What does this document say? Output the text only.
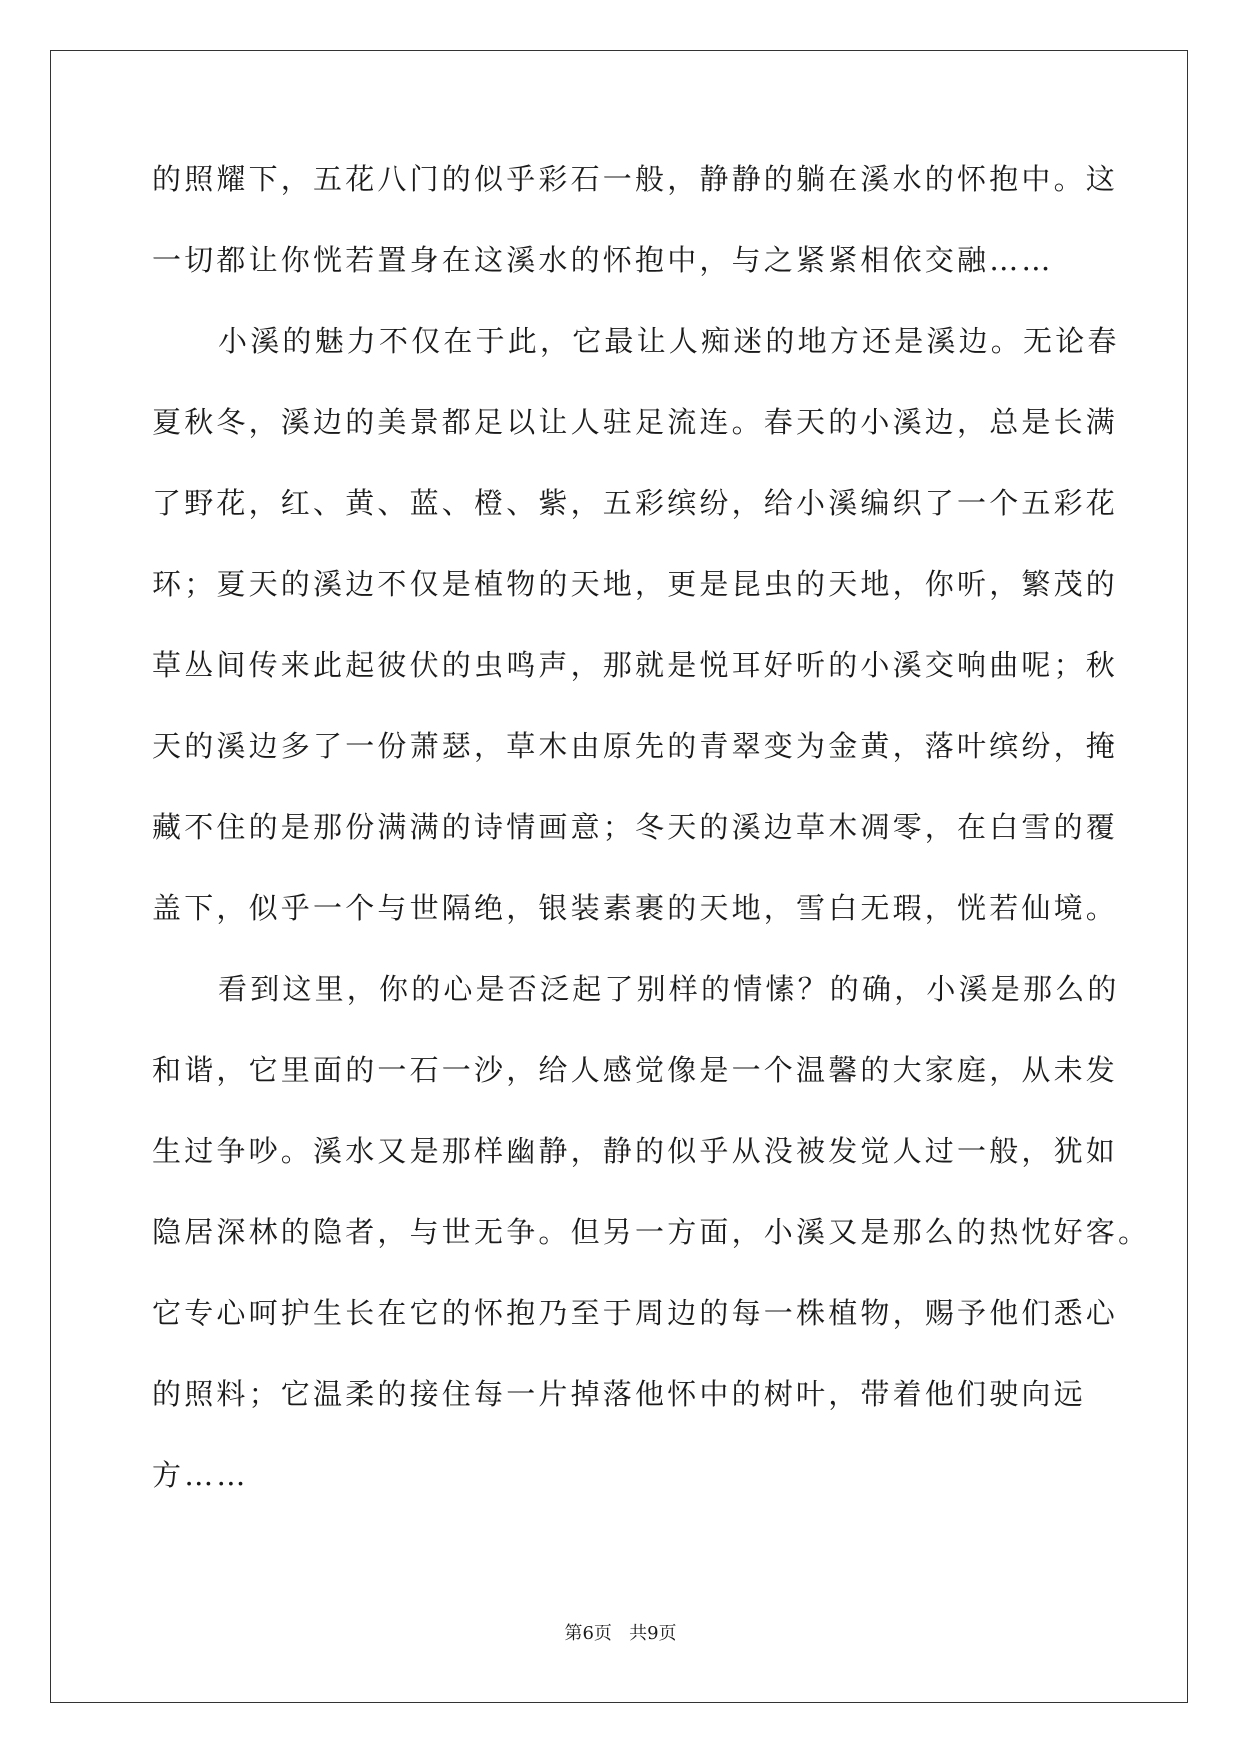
的照耀下，五花八门的似乎彩石一般，静静的躺在溪水的怀抱中。这
一切都让你恍若置身在这溪水的怀抱中，与之紧紧相依交融……
小溪的魅力不仅在于此，它最让人痴迷的地方还是溪边。无论春
夏秋冬，溪边的美景都足以让人驻足流连。春天的小溪边，总是长满
了野花，红、黄、蓝、橙、紫，五彩缤纷，给小溪编织了一个五彩花
环；夏天的溪边不仅是植物的天地，更是昆虫的天地，你听，繁茂的
草丛间传来此起彼伏的虫鸣声，那就是悦耳好听的小溪交响曲呢；秋
天的溪边多了一份萧瑟，草木由原先的青翠变为金黄，落叶缤纷，掩
藏不住的是那份满满的诗情画意；冬天的溪边草木凋零，在白雪的覆
盖下，似乎一个与世隔绝，银装素裹的天地，雪白无瑕，恍若仙境。
看到这里，你的心是否泛起了别样的情愫？的确，小溪是那么的
和谐，它里面的一石一沙，给人感觉像是一个温馨的大家庭，从未发
生过争吵。溪水又是那样幽静，静的似乎从没被发觉人过一般，犹如
隐居深林的隐者，与世无争。但另一方面，小溪又是那么的热忱好客。
它专心呵护生长在它的怀抱乃至于周边的每一株植物，赐予他们悉心
的照料；它温柔的接住每一片掉落他怀中的树叶，带着他们驶向远
方……
第6页   共9页
